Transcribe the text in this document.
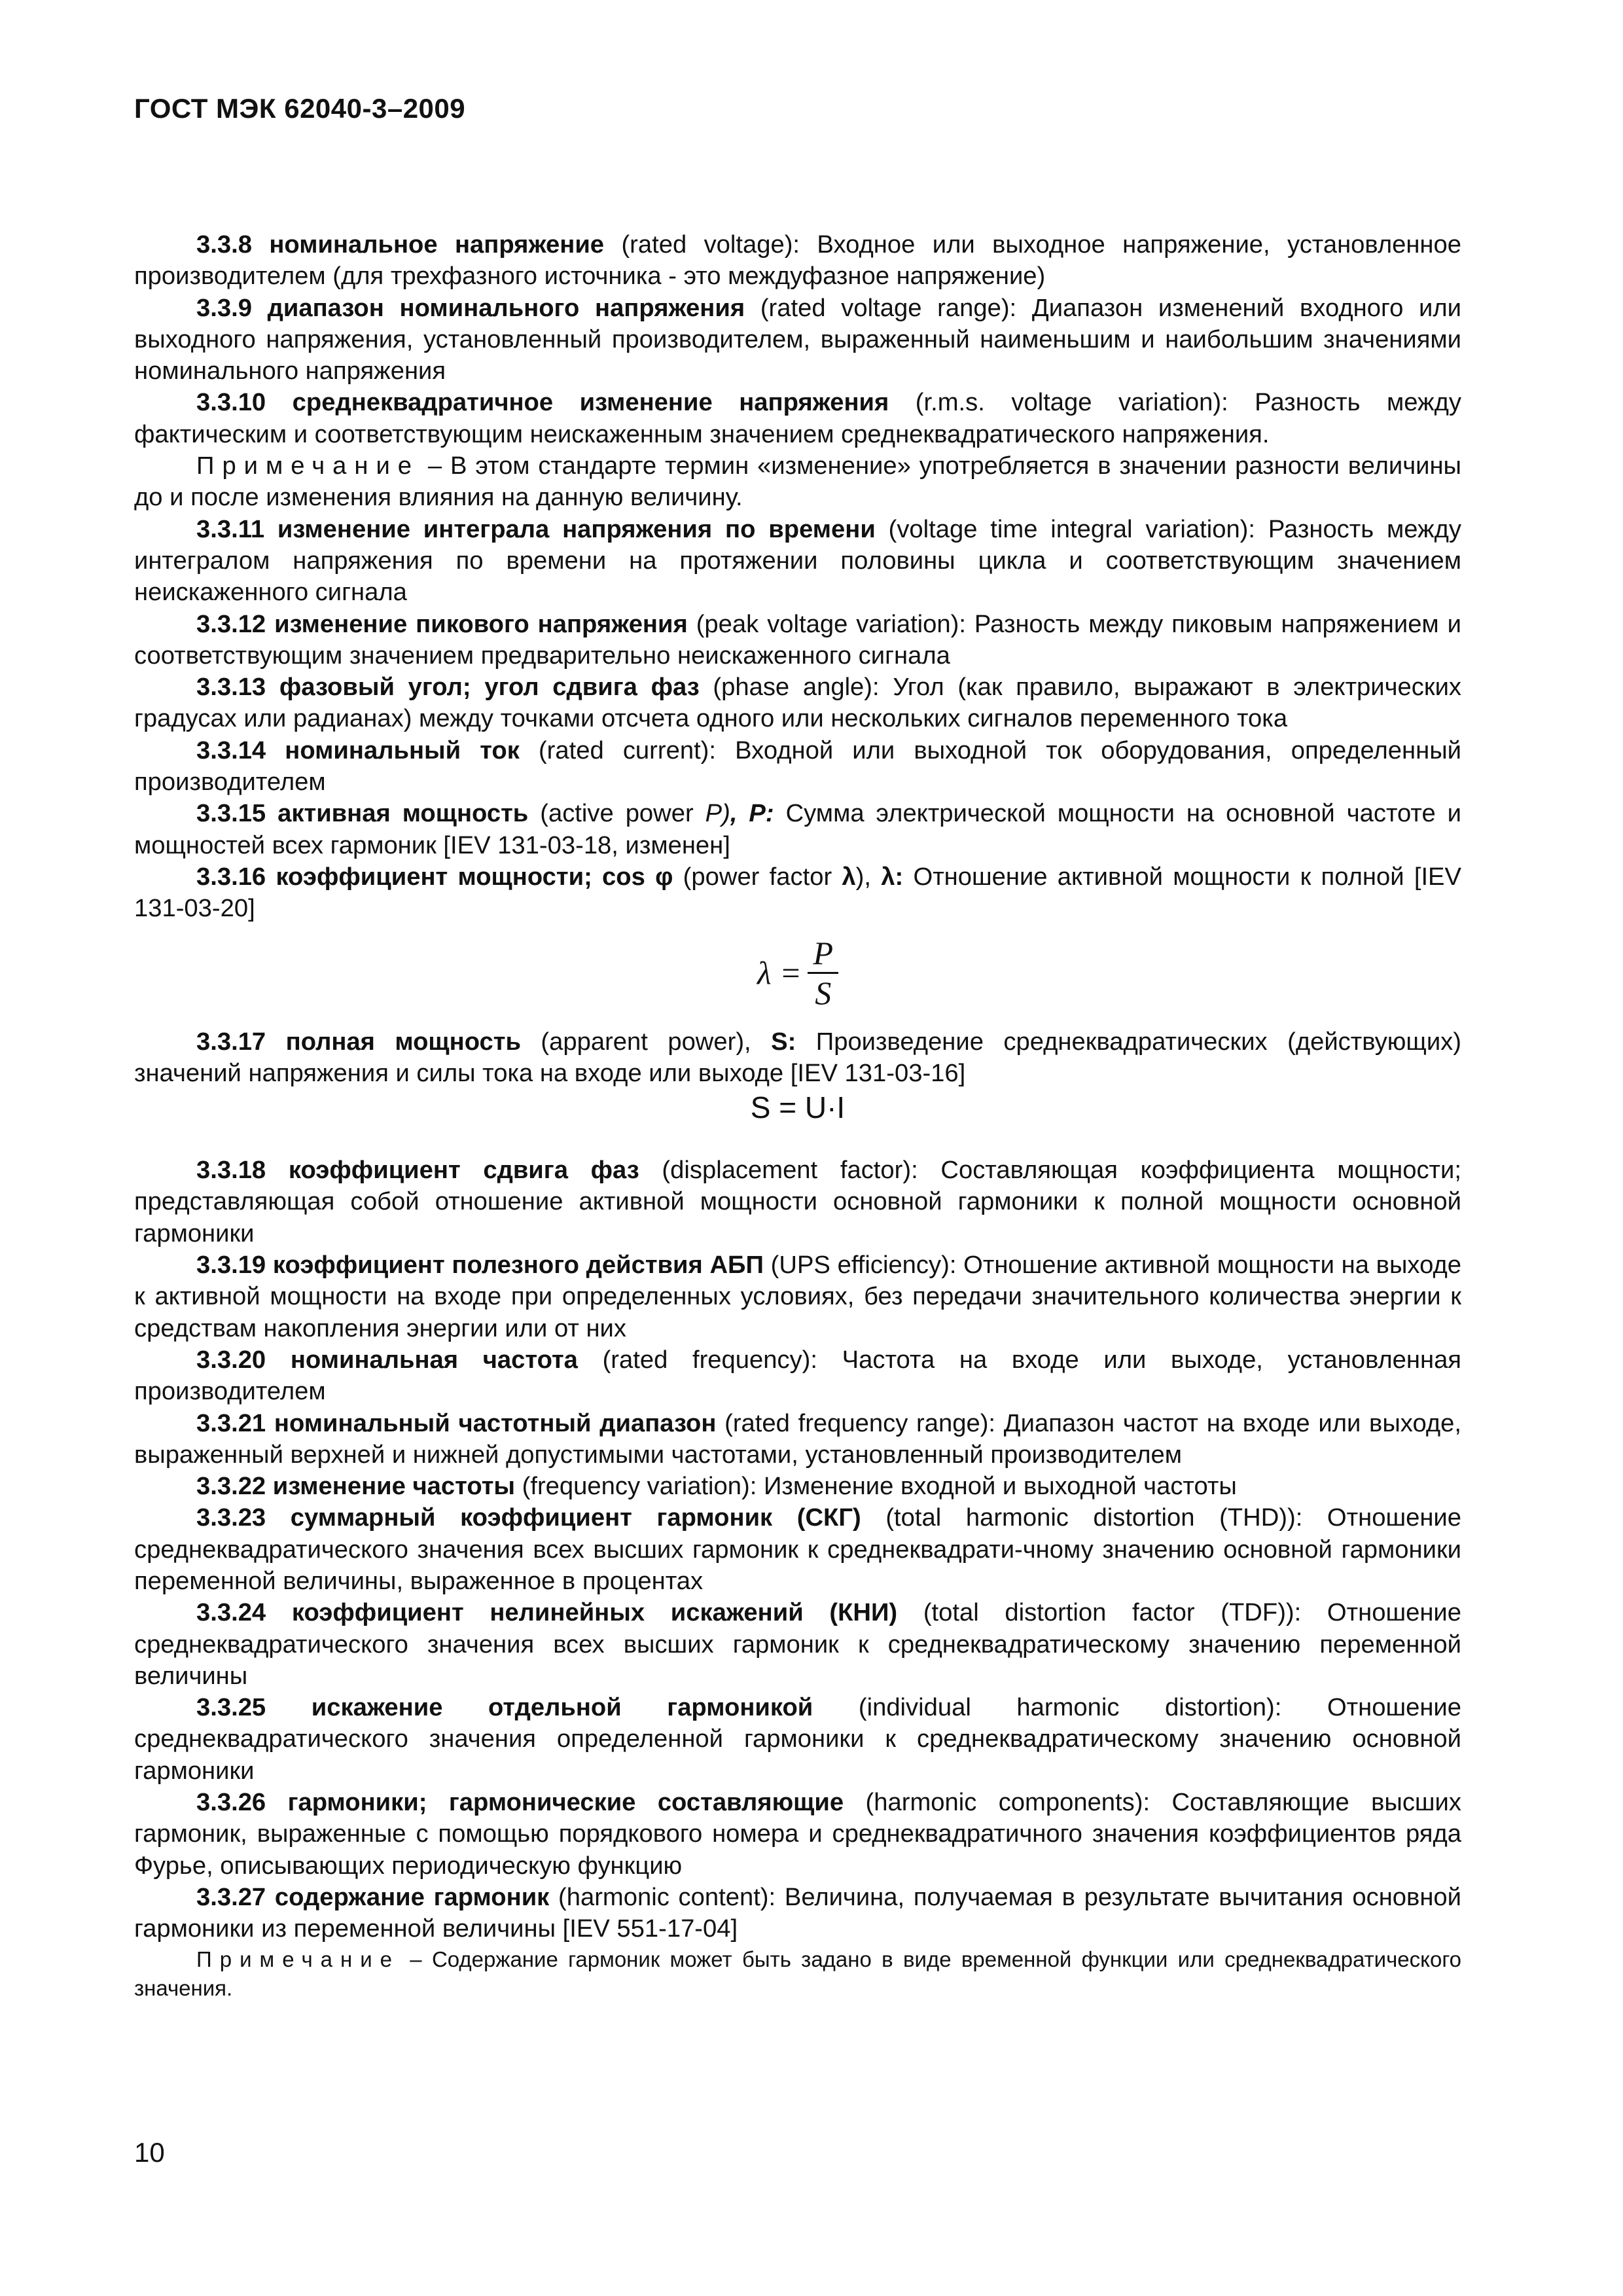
ГОСТ МЭК 62040-3–2009

3.3.8 номинальное напряжение (rated voltage): Входное или выходное напряжение, установленное производителем (для трехфазного источника - это междуфазное напряжение)

3.3.9 диапазон номинального напряжения (rated voltage range): Диапазон изменений входного или выходного напряжения, установленный производителем, выраженный наименьшим и наибольшим значениями номинального напряжения

3.3.10 среднеквадратичное изменение напряжения (r.m.s. voltage variation): Разность между фактическим и соответствующим неискаженным значением среднеквадратического напряжения.

Примечание – В этом стандарте термин «изменение» употребляется в значении разности величины до и после изменения влияния на данную величину.

3.3.11 изменение интеграла напряжения по времени (voltage time integral variation): Разность между интегралом напряжения по времени на протяжении половины цикла и соответствующим значением неискаженного сигнала

3.3.12 изменение пикового напряжения (peak voltage variation): Разность между пиковым напряжением и соответствующим значением предварительно неискаженного сигнала

3.3.13 фазовый угол; угол сдвига фаз (phase angle): Угол (как правило, выражают в электрических градусах или радианах) между точками отсчета одного или нескольких сигналов переменного тока

3.3.14 номинальный ток (rated current): Входной или выходной ток оборудования, определенный производителем

3.3.15 активная мощность (active power P), P: Сумма электрической мощности на основной частоте и мощностей всех гармоник [IEV 131-03-18, изменен]

3.3.16 коэффициент мощности; cos φ (power factor λ), λ: Отношение активной мощности к полной [IEV 131-03-20]

$\lambda = \frac{P}{S}$

3.3.17 полная мощность (apparent power), S: Произведение среднеквадратических (действующих) значений напряжения и силы тока на входе или выходе [IEV 131-03-16]

S = U·I

3.3.18 коэффициент сдвига фаз (displacement factor): Составляющая коэффициента мощности; представляющая собой отношение активной мощности основной гармоники к полной мощности основной гармоники

3.3.19 коэффициент полезного действия АБП (UPS efficiency): Отношение активной мощности на выходе к активной мощности на входе при определенных условиях, без передачи значительного количества энергии к средствам накопления энергии или от них

3.3.20 номинальная частота (rated frequency): Частота на входе или выходе, установленная производителем

3.3.21 номинальный частотный диапазон (rated frequency range): Диапазон частот на входе или выходе, выраженный верхней и нижней допустимыми частотами, установленный производителем

3.3.22 изменение частоты (frequency variation): Изменение входной и выходной частоты

3.3.23 суммарный коэффициент гармоник (СКГ) (total harmonic distortion (THD)): Отношение среднеквадратического значения всех высших гармоник к среднеквадрати-чному значению основной гармоники переменной величины, выраженное в процентах

3.3.24 коэффициент нелинейных искажений (КНИ) (total distortion factor (TDF)): Отношение среднеквадратического значения всех высших гармоник к среднеквадратическому значению переменной величины

3.3.25 искажение отдельной гармоникой (individual harmonic distortion): Отношение среднеквадратического значения определенной гармоники к среднеквадратическому значению основной гармоники

3.3.26 гармоники; гармонические составляющие (harmonic components): Составляющие высших гармоник, выраженные с помощью порядкового номера и среднеквадратичного значения коэффициентов ряда Фурье, описывающих периодическую функцию

3.3.27 содержание гармоник (harmonic content): Величина, получаемая в результате вычитания основной гармоники из переменной величины [IEV 551-17-04]

Примечание – Содержание гармоник может быть задано в виде временной функции или среднеквадратического значения.

10
